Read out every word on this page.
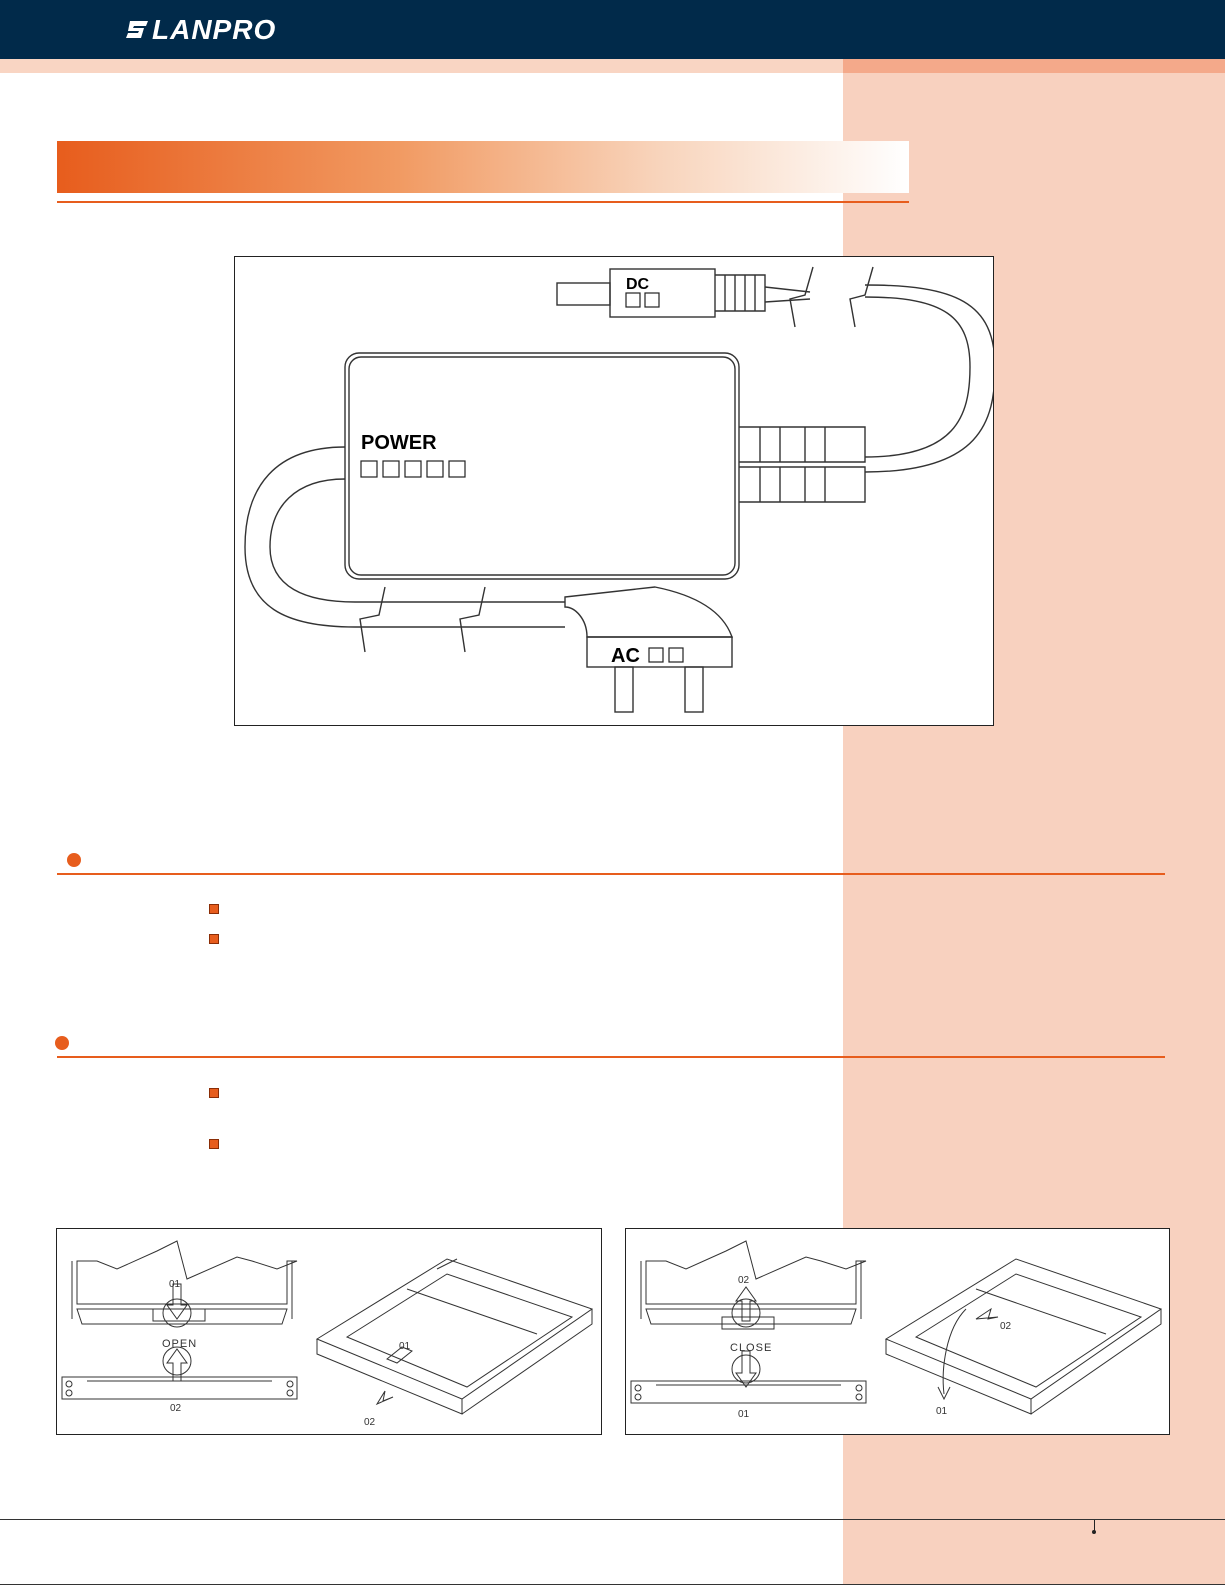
LANPRO
POWER
DC
AC
01
OPEN
02
01
02
02
CLOSE
01
02
01
